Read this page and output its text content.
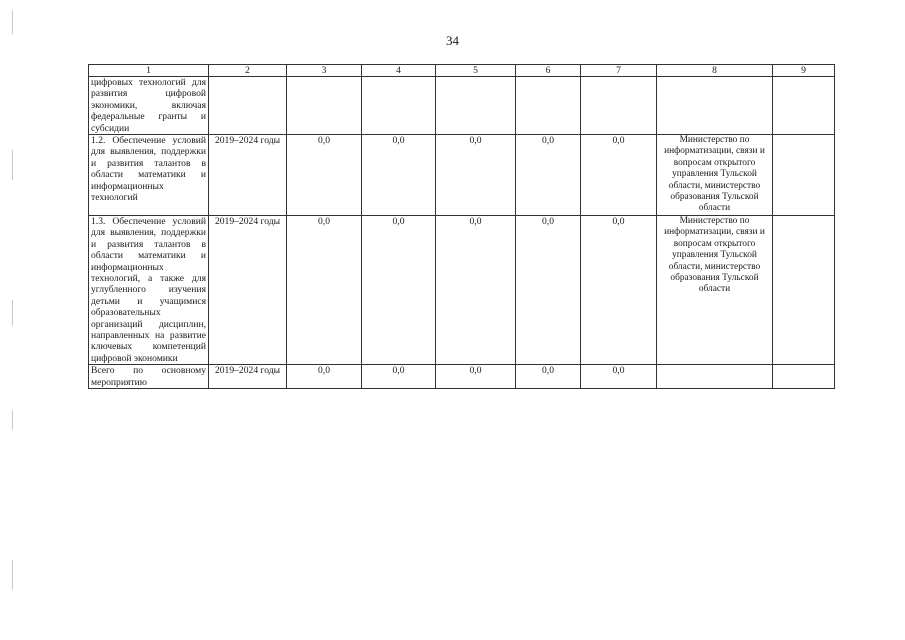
34
1	2	3	4	5	6	7	8	9
цифровых технологий для развития цифровой экономики, включая федеральные гранты и субсидии								
1.2. Обеспечение условий для выявления, поддержки и развития талантов в области математики и информационных технологий	2019–2024 годы	0,0	0,0	0,0	0,0	0,0	Министерство по информатизации, связи и вопросам открытого управления Тульской области, министерство образования Тульской области	
1.3. Обеспечение условий для выявления, поддержки и развития талантов в области математики и информационных технологий, а также для углубленного изучения детьми и учащимися образовательных организаций дисциплин, направленных на развитие ключевых компетенций цифровой экономики	2019–2024 годы	0,0	0,0	0,0	0,0	0,0	Министерство по информатизации, связи и вопросам открытого управления Тульской области, министерство образования Тульской области	
Всего по основному мероприятию	2019–2024 годы	0,0	0,0	0,0	0,0	0,0		
